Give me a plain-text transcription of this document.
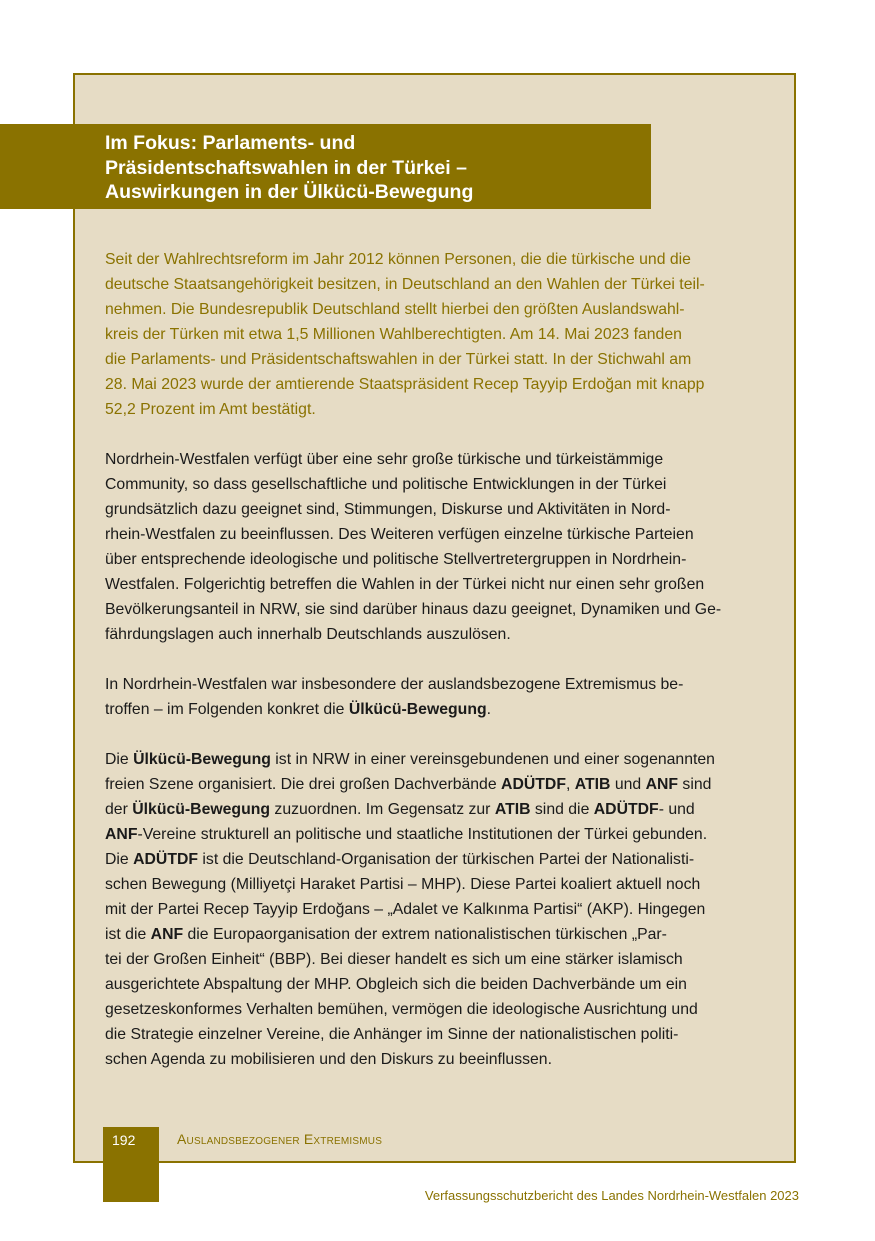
Im Fokus: Parlaments- und
Präsidentschaftswahlen in der Türkei –
Auswirkungen in der Ülkücü-Bewegung

Seit der Wahlrechtsreform im Jahr 2012 können Personen, die die türkische und die
deutsche Staatsangehörigkeit besitzen, in Deutschland an den Wahlen der Türkei teil-
nehmen. Die Bundesrepublik Deutschland stellt hierbei den größten Auslandswahl-
kreis der Türken mit etwa 1,5 Millionen Wahlberechtigten. Am 14. Mai 2023 fanden
die Parlaments- und Präsidentschaftswahlen in der Türkei statt. In der Stichwahl am
28. Mai 2023 wurde der amtierende Staatspräsident Recep Tayyip Erdoğan mit knapp
52,2 Prozent im Amt bestätigt.

Nordrhein-Westfalen verfügt über eine sehr große türkische und türkeistämmige
Community, so dass gesellschaftliche und politische Entwicklungen in der Türkei
grundsätzlich dazu geeignet sind, Stimmungen, Diskurse und Aktivitäten in Nord-
rhein-Westfalen zu beeinflussen. Des Weiteren verfügen einzelne türkische Parteien
über entsprechende ideologische und politische Stellvertretergruppen in Nordrhein-
Westfalen. Folgerichtig betreffen die Wahlen in der Türkei nicht nur einen sehr großen
Bevölkerungsanteil in NRW, sie sind darüber hinaus dazu geeignet, Dynamiken und Ge-
fährdungslagen auch innerhalb Deutschlands auszulösen.

In Nordrhein-Westfalen war insbesondere der auslandsbezogene Extremismus be-
troffen – im Folgenden konkret die Ülkücü-Bewegung.

Die Ülkücü-Bewegung ist in NRW in einer vereinsgebundenen und einer sogenannten
freien Szene organisiert. Die drei großen Dachverbände ADÜTDF, ATIB und ANF sind
der Ülkücü-Bewegung zuzuordnen. Im Gegensatz zur ATIB sind die ADÜTDF- und
ANF-Vereine strukturell an politische und staatliche Institutionen der Türkei gebunden.
Die ADÜTDF ist die Deutschland-Organisation der türkischen Partei der Nationalisti-
schen Bewegung (Milliyetçi Haraket Partisi – MHP). Diese Partei koaliert aktuell noch
mit der Partei Recep Tayyip Erdoğans – „Adalet ve Kalkınma Partisi“ (AKP). Hingegen
ist die ANF die Europaorganisation der extrem nationalistischen türkischen „Par-
tei der Großen Einheit“ (BBP). Bei dieser handelt es sich um eine stärker islamisch
ausgerichtete Abspaltung der MHP. Obgleich sich die beiden Dachverbände um ein
gesetzeskonformes Verhalten bemühen, vermögen die ideologische Ausrichtung und
die Strategie einzelner Vereine, die Anhänger im Sinne der nationalistischen politi-
schen Agenda zu mobilisieren und den Diskurs zu beeinflussen.

192	Auslandsbezogener Extremismus
Verfassungsschutzbericht des Landes Nordrhein-Westfalen 2023
